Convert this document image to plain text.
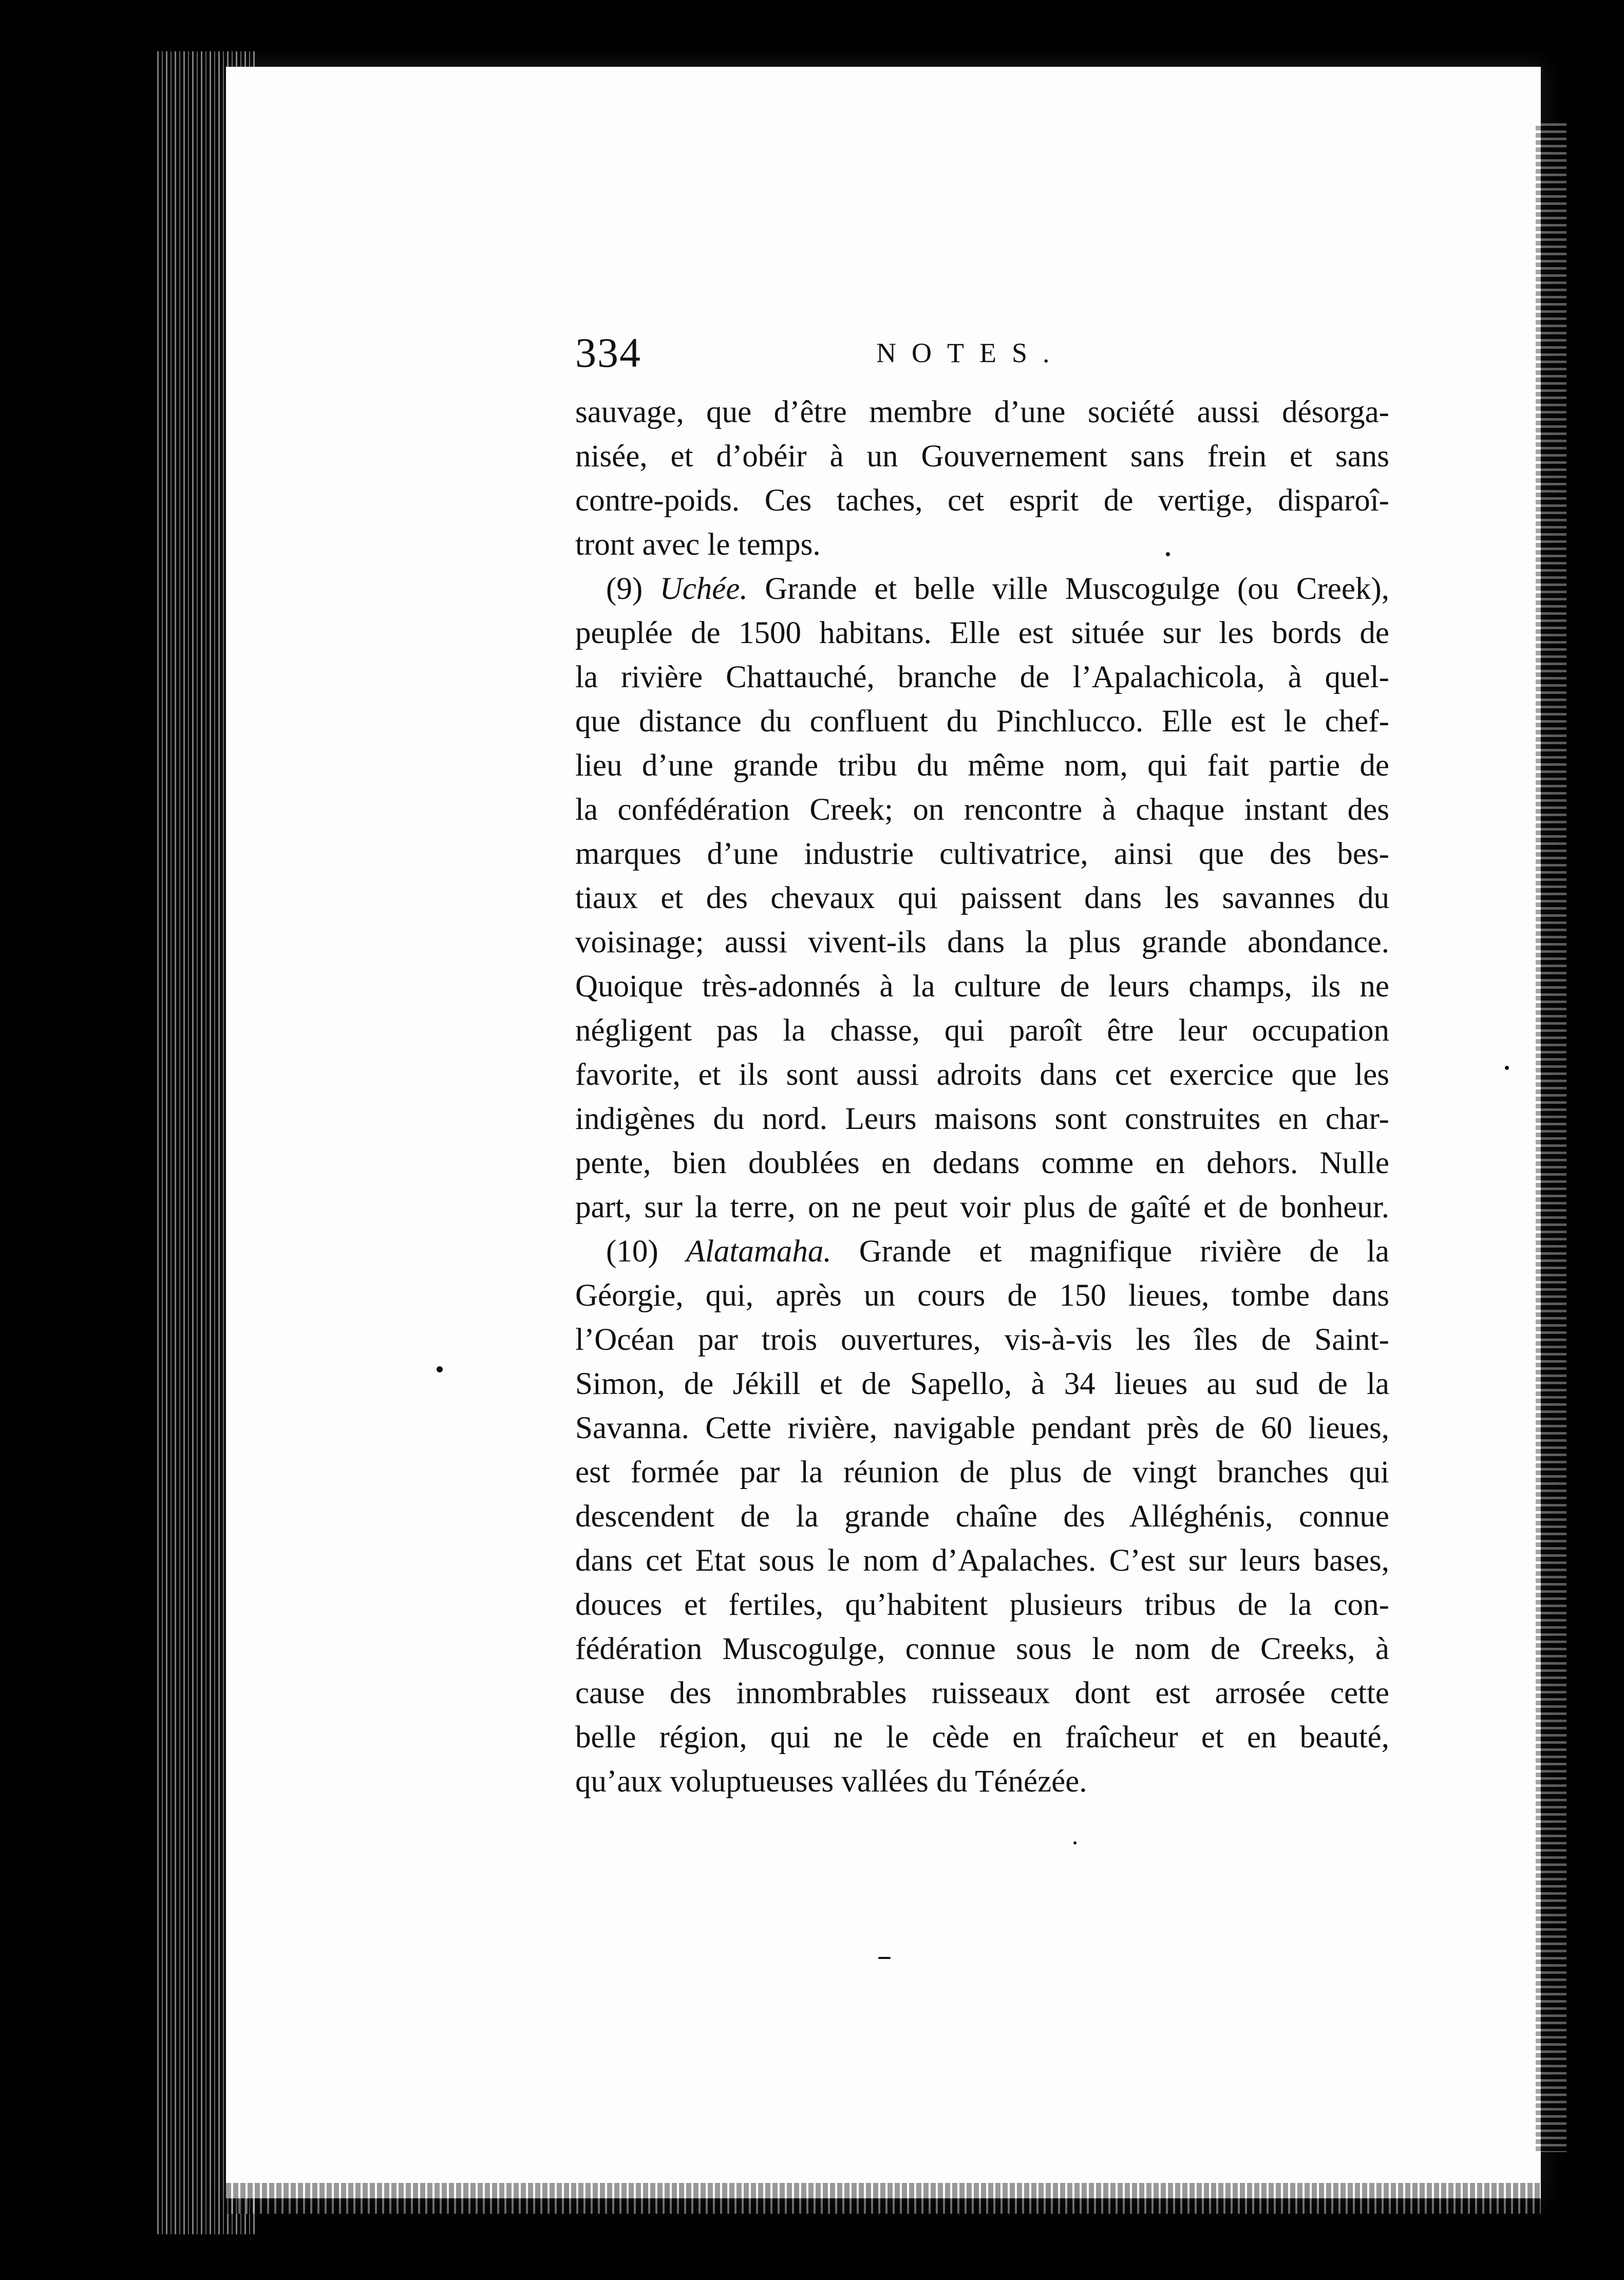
334	NOTES.
sauvage, que d’être membre d’une société aussi désorga-
nisée, et d’obéir à un Gouvernement sans frein et sans
contre-poids. Ces taches, cet esprit de vertige, disparoî-
tront avec le temps.
(9) Uchée. Grande et belle ville Muscogulge (ou Creek),
peuplée de 1500 habitans. Elle est située sur les bords de
la rivière Chattauché, branche de l’Apalachicola, à quel-
que distance du confluent du Pinchlucco. Elle est le chef-
lieu d’une grande tribu du même nom, qui fait partie de
la confédération Creek; on rencontre à chaque instant des
marques d’une industrie cultivatrice, ainsi que des bes-
tiaux et des chevaux qui paissent dans les savannes du
voisinage; aussi vivent-ils dans la plus grande abondance.
Quoique très-adonnés à la culture de leurs champs, ils ne
négligent pas la chasse, qui paroît être leur occupation
favorite, et ils sont aussi adroits dans cet exercice que les
indigènes du nord. Leurs maisons sont construites en char-
pente, bien doublées en dedans comme en dehors. Nulle
part, sur la terre, on ne peut voir plus de gaîté et de bonheur.
(10) Alatamaha. Grande et magnifique rivière de la
Géorgie, qui, après un cours de 150 lieues, tombe dans
l’Océan par trois ouvertures, vis-à-vis les îles de Saint-
Simon, de Jékill et de Sapello, à 34 lieues au sud de la
Savanna. Cette rivière, navigable pendant près de 60 lieues,
est formée par la réunion de plus de vingt branches qui
descendent de la grande chaîne des Alléghénis, connue
dans cet Etat sous le nom d’Apalaches. C’est sur leurs bases,
douces et fertiles, qu’habitent plusieurs tribus de la con-
fédération Muscogulge, connue sous le nom de Creeks, à
cause des innombrables ruisseaux dont est arrosée cette
belle région, qui ne le cède en fraîcheur et en beauté,
qu’aux voluptueuses vallées du Ténézée.
